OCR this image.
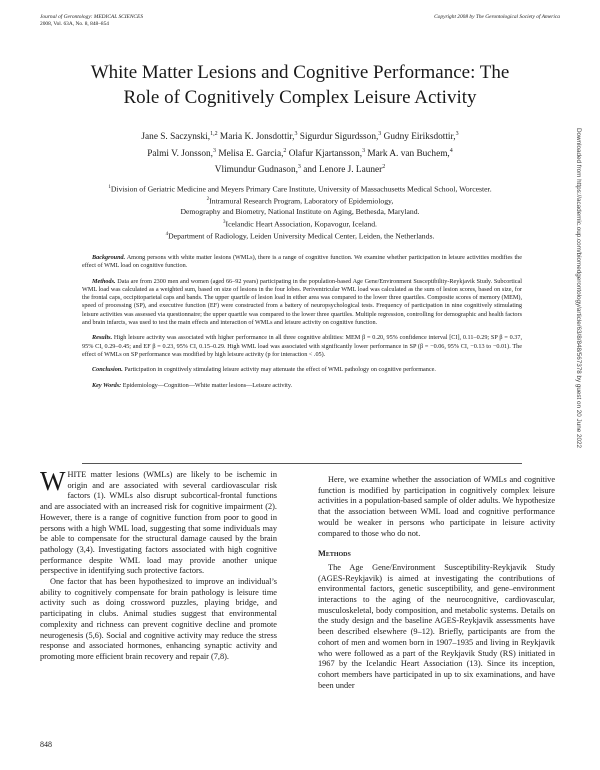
Journal of Gerontology: MEDICAL SCIENCES
2008, Vol. 63A, No. 8, 848–854
Copyright 2008 by The Gerontological Society of America
White Matter Lesions and Cognitive Performance: The
Role of Cognitively Complex Leisure Activity
Jane S. Saczynski,$^{1,2}$ Maria K. Jonsdottir,$^3$ Sigurdur Sigurdsson,$^3$ Gudny Eiriksdottir,$^3$
Palmi V. Jonsson,$^3$ Melisa E. Garcia,$^2$ Olafur Kjartansson,$^3$ Mark A. van Buchem,$^4$
Vlimundur Gudnason,$^3$ and Lenore J. Launer$^2$
$^1$Division of Geriatric Medicine and Meyers Primary Care Institute, University of Massachusetts Medical School, Worcester.
$^2$Intramural Research Program, Laboratory of Epidemiology,
Demography and Biometry, National Institute on Aging, Bethesda, Maryland.
$^3$Icelandic Heart Association, Kopavogur, Iceland.
$^4$Department of Radiology, Leiden University Medical Center, Leiden, the Netherlands.

Background. Among persons with white matter lesions (WMLs), there is a range of cognitive function. We examine whether participation in leisure activities modifies the effect of WML load on cognitive function.

Methods. Data are from 2300 men and women (aged 66–92 years) participating in the population-based Age Gene/Environment Susceptibility-Reykjavik Study. Subcortical WML load was calculated as a weighted sum, based on size of lesions in the four lobes. Periventricular WML load was calculated as the sum of lesion scores, based on size, for the frontal caps, occipitoparietal caps and bands. The upper quartile of lesion load in either area was compared to the lower three quartiles. Composite scores of memory (MEM), speed of processing (SP), and executive function (EF) were constructed from a battery of neuropsychological tests. Frequency of participation in nine cognitively stimulating leisure activities was assessed via questionnaire; the upper quartile was compared to the lower three quartiles. Multiple regression, controlling for demographic and health factors and brain infarcts, was used to test the main effects and interaction of WMLs and leisure activity on cognitive function.

Results. High leisure activity was associated with higher performance in all three cognitive abilities: MEM β = 0.20, 95% confidence interval [CI], 0.11–0.29; SP β = 0.37, 95% CI, 0.29–0.45; and EF β = 0.23, 95% CI, 0.15–0.29. High WML load was associated with significantly lower performance in SP (β = −0.06, 95% CI, −0.13 to −0.01). The effect of WMLs on SP performance was modified by high leisure activity (p for interaction < .05).

Conclusion. Participation in cognitively stimulating leisure activity may attenuate the effect of WML pathology on cognitive performance.

Key Words: Epidemiology—Cognition—White matter lesions—Leisure activity.

WHITE matter lesions (WMLs) are likely to be ischemic in origin and are associated with several cardiovascular risk factors (1). WMLs also disrupt subcortical-frontal functions and are associated with an increased risk for cognitive impairment (2). However, there is a range of cognitive function from poor to good in persons with a high WML load, suggesting that some individuals may be able to compensate for the structural damage caused by the brain pathology (3,4). Investigating factors associated with high cognitive performance despite WML load may provide another unique perspective in identifying such protective factors.

One factor that has been hypothesized to improve an individual’s ability to cognitively compensate for brain pathology is leisure time activity such as doing crossword puzzles, playing bridge, and participating in clubs. Animal studies suggest that environmental complexity and richness can prevent cognitive decline and promote neurogenesis (5,6). Social and cognitive activity may reduce the stress response and associated hormones, enhancing synaptic activity and promoting more efficient brain recovery and repair (7,8).

Here, we examine whether the association of WMLs and cognitive function is modified by participation in cognitively complex leisure activities in a population-based sample of older adults. We hypothesize that the association between WML load and cognitive performance would be weaker in persons who participate in leisure activity compared to those who do not.

Methods

The Age Gene/Environment Susceptibility-Reykjavik Study (AGES-Reykjavik) is aimed at investigating the contributions of environmental factors, genetic susceptibility, and gene–environment interactions to the aging of the neurocognitive, cardiovascular, musculoskeletal, body composition, and metabolic systems. Details on the study design and the baseline AGES-Reykjavik assessments have been described elsewhere (9–12). Briefly, participants are from the cohort of men and women born in 1907–1935 and living in Reykjavik who were followed as a part of the Reykjavik Study (RS) initiated in 1967 by the Icelandic Heart Association (13). Since its inception, cohort members have participated in up to six examinations, and have been under

Downloaded from https://academic.oup.com/biomedgerontology/article/63/8/848/567378 by guest on 20 June 2022
848
